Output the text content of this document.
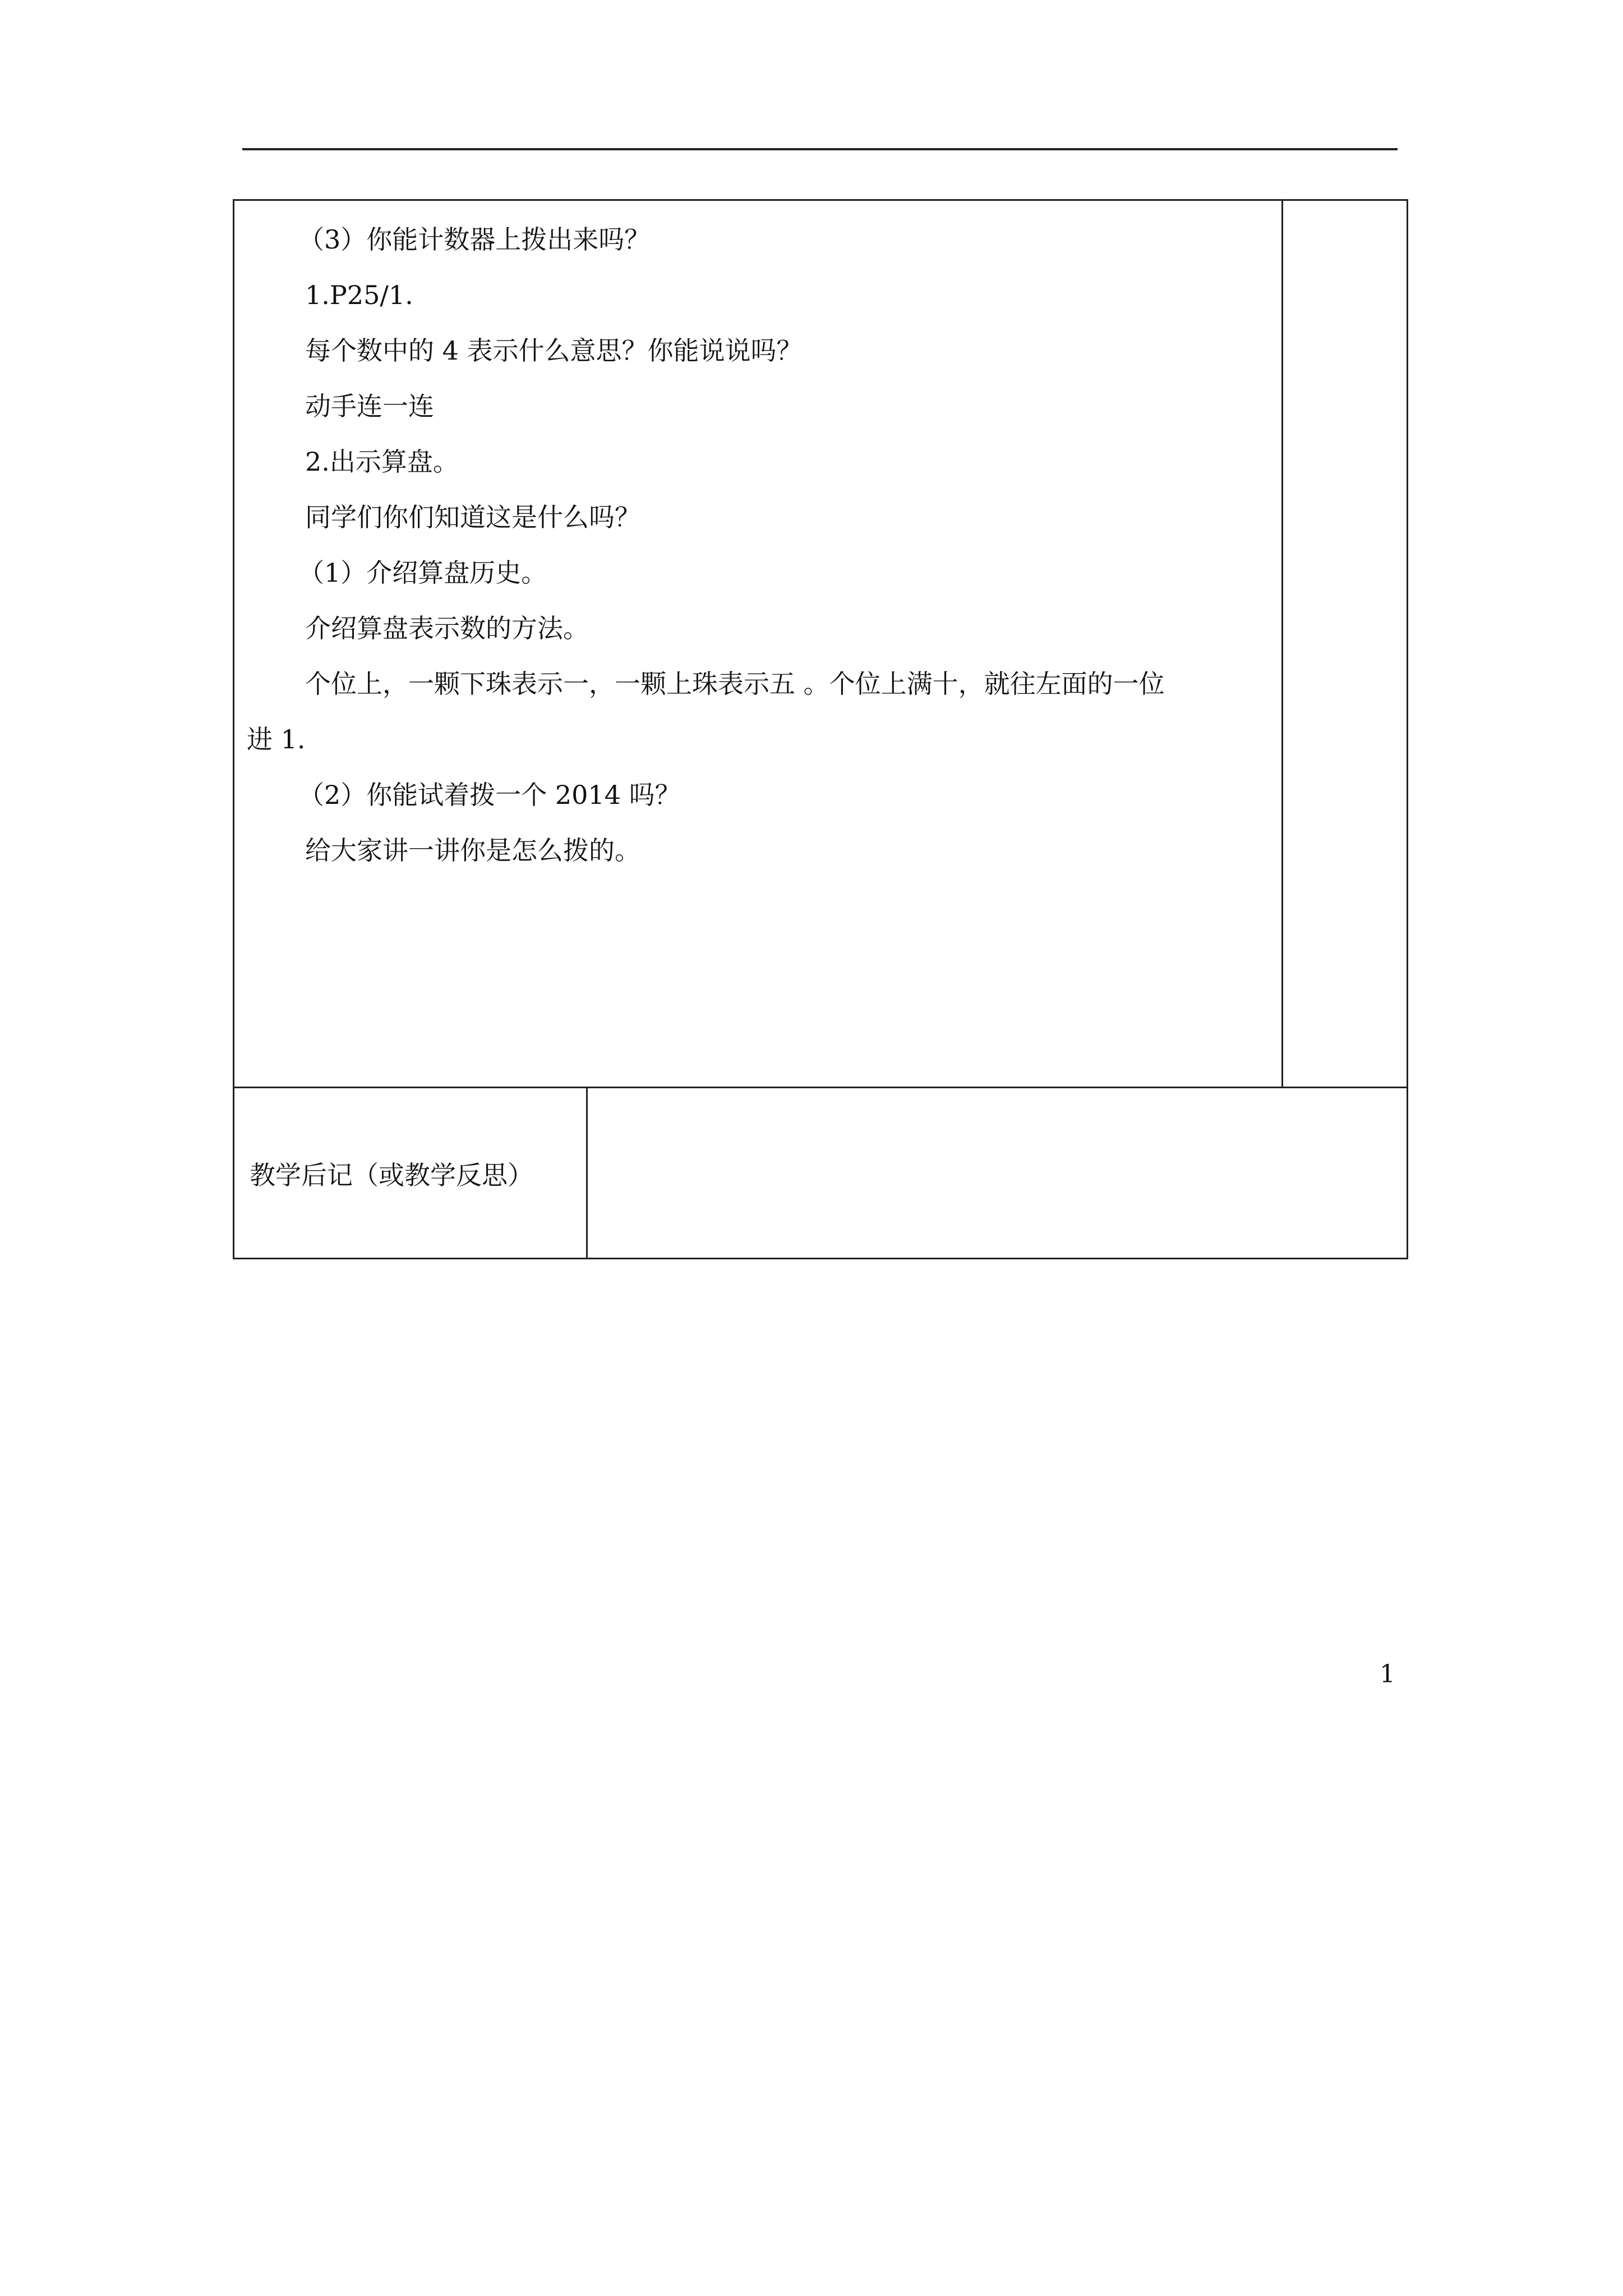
（3）你能计数器上拨出来吗？
1.P25/1.
每个数中的 4 表示什么意思？你能说说吗？
动手连一连
2.出示算盘。
同学们你们知道这是什么吗？
（1）介绍算盘历史。
介绍算盘表示数的方法。
个位上，一颗下珠表示一，一颗上珠表示五 。个位上满十，就往左面的一位
进 1.
（2）你能试着拨一个 2014 吗？
给大家讲一讲你是怎么拨的。
教学后记（或教学反思）
1
